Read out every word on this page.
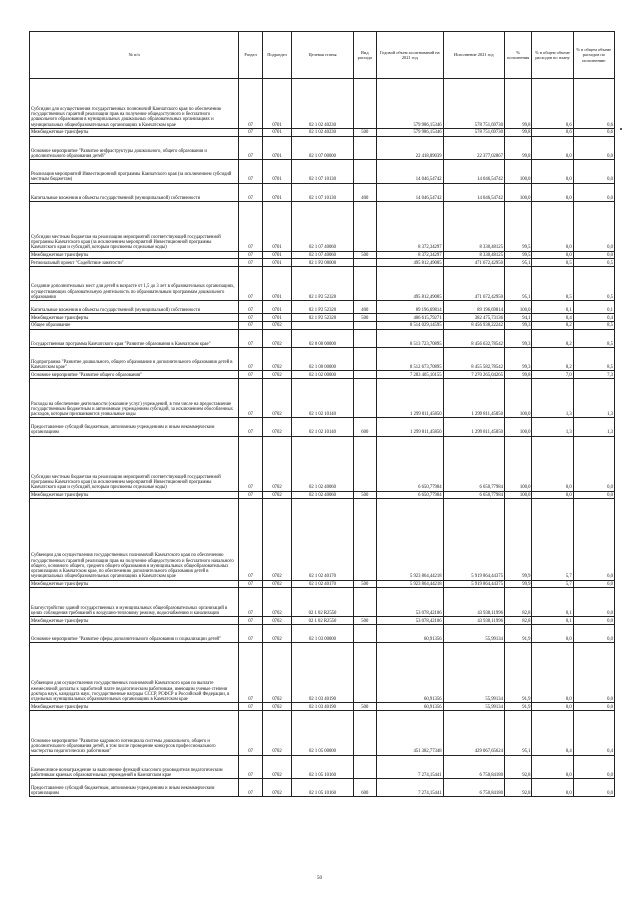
№ п/п	Раздел	Подраздел	Целевая статья	Вид расхода	Годовой объем ассигнований на 2021 год	Исполнение 2021 год	% исполнения	% в общем объеме расходов по плану	% в общем объеме расходов по исполнению
Субсидии для осуществления государственных полномочий Камчатского края по обеспечению государственных гарантий реализации прав на получение общедоступного и бесплатного дошкольного образования в муниципальных дошкольных образовательных организациях и муниципальных общеобразовательных организациях в Камчатском крае	07	0701	02 1 02 40230		579 986,15346	578 751,69730	99,8	0,6	0,6
Межбюджетные трансферты	07	0701	02 1 02 40230	500	579 986,15346	578 751,69730	99,8	0,6	0,6
Основное мероприятие "Развитие инфраструктуры дошкольного, общего образования и дополнительного образования детей"	07	0701	02 1 07 00000		22 418,89039	22 377,02867	99,8	0,0	0,0
Реализация мероприятий Инвестиционной программы Камчатского края (за исключением субсидий местным бюджетам)	07	0701	02 1 07 10130		14 046,54742	14 046,54742	100,0	0,0	0,0
Капитальные вложения в объекты государственной (муниципальной) собственности	07	0701	02 1 07 10130	400	14 046,54742	14 046,54742	100,0	0,0	0,0
Субсидии местным бюджетам на реализацию мероприятий соответствующей государственной программы Камчатского края (за исключением мероприятий Инвестиционной программы Камчатского края и субсидий, которым присвоены отдельные коды)	07	0701	02 1 07 40060		8 372,34297	8 330,48125	99,5	0,0	0,0
Межбюджетные трансферты	07	0701	02 1 07 40060	500	8 372,34297	8 330,48125	99,5	0,0	0,0
Региональный проект "Содействие занятости"	07	0701	02 1 P2 00000		495 812,49085	471 672,42950	95,1	0,5	0,5
Создание дополнительных мест для детей в возрасте от 1,5 до 3 лет в образовательных организациях, осуществляющих образовательную деятельность по образовательным программам дошкольного образования	07	0701	02 1 P2 52320		495 812,49085	471 672,42950	95,1	0,5	0,5
Капитальные вложения в объекты государственной (муниципальной) собственности	07	0701	02 1 P2 52320	400	89 196,69814	89 196,69814	100,0	0,1	0,1
Межбюджетные трансферты	07	0701	02 1 P2 52320	500	406 615,79271	382 475,73136	94,1	0,4	0,4
Общее образование	07	0702			8 514 029,14595	8 456 938,22242	99,3	8,2	8,5
Государственная программа Камчатского края "Развитие образования в Камчатском крае"	07	0702	02 0 00 00000		8 513 723,70895	8 456 632,78542	99,3	8,2	8,5
Подпрограмма "Развитие дошкольного, общего образования и дополнительного образования детей в Камчатском крае"	07	0702	02 1 00 00000		8 512 673,70895	8 455 582,78542	99,3	8,2	8,5
Основное мероприятие "Развитие общего образования"	07	0702	02 1 02 00000		7 283 405,10155	7 270 265,04265	99,8	7,0	7,3
Расходы на обеспечение деятельности (оказание услуг) учреждений, в том числе на предоставление государственным бюджетным и автономным учреждениям субсидий, за исключением обособленных расходов, которым присваиваются уникальные коды	07	0702	02 1 02 10140		1 299 811,45850	1 299 811,45850	100,0	1,3	1,3
Предоставление субсидий бюджетным, автономным учреждениям и иным некоммерческим организациям	07	0702	02 1 02 10140	600	1 299 811,45850	1 299 811,45850	100,0	1,3	1,3
Субсидии местным бюджетам на реализацию мероприятий соответствующей государственной программы Камчатского края (за исключением мероприятий Инвестиционной программы Камчатского края и субсидий, которым присвоены отдельные коды)	07	0702	02 1 02 40060		6 650,77984	6 650,77984	100,0	0,0	0,0
Межбюджетные трансферты	07	0702	02 1 02 40060	500	6 650,77984	6 650,77984	100,0	0,0	0,0
Субвенции для осуществления государственных полномочий Камчатского края по обеспечению государственных гарантий реализации прав на получение общедоступного и бесплатного начального общего, основного общего, среднего общего образования в муниципальных общеобразовательных организациях в Камчатском крае, по обеспечению дополнительного образования детей в муниципальных общеобразовательных организациях в Камчатском крае	07	0702	02 1 02 40170		5 923 864,44218	5 919 864,44375	99,9	5,7	6,0
Межбюджетные трансферты	07	0702	02 1 02 40170	500	5 923 864,44218	5 919 864,44375	99,9	5,7	6,0
Благоустройство зданий государственных и муниципальных общеобразовательных организаций в целях соблюдения требований к воздушно-тепловому режиму, водоснабжению и канализации	07	0702	02 1 02 R2550		53 078,42106	43 938,11996	82,8	0,1	0,0
Межбюджетные трансферты	07	0702	02 1 02 R2550	500	53 078,42106	43 938,11996	82,8	0,1	0,0
Основное мероприятие "Развитие сферы дополнительного образования и социализации детей"	07	0702	02 1 03 00000		60,91356	55,99134	91,9	0,0	0,0
Субвенции для осуществления государственных полномочий Камчатского края по выплате ежемесячной доплаты к заработной плате педагогическим работникам, имеющим ученые степени доктора наук, кандидата наук, государственные награды СССР, РСФСР и Российской Федерации, в отдельных муниципальных образовательных организациях в Камчатском крае	07	0702	02 1 03 40190		60,91356	55,99134	91,9	0,0	0,0
Межбюджетные трансферты	07	0702	02 1 03 40190	500	60,91356	55,99134	91,9	0,0	0,0
Основное мероприятие "Развитие кадрового потенциала системы дошкольного, общего и дополнительного образования детей, в том числе проведение конкурсов профессионального мастерства педагогических работников"	07	0702	02 1 05 00000		451 382,77348	429 067,65624	95,1	0,4	0,4
Ежемесячное вознаграждение за выполнение функций классного руководителя педагогическим работникам краевых образовательных учреждений в Камчатском крае	07	0702	02 1 05 10160		7 274,15441	6 750,84180	92,8	0,0	0,0
Предоставление субсидий бюджетным, автономным учреждениям и иным некоммерческим организациям	07	0702	02 1 05 10160	600	7 274,15441	6 750,84180	92,8	0,0	0,0
50
